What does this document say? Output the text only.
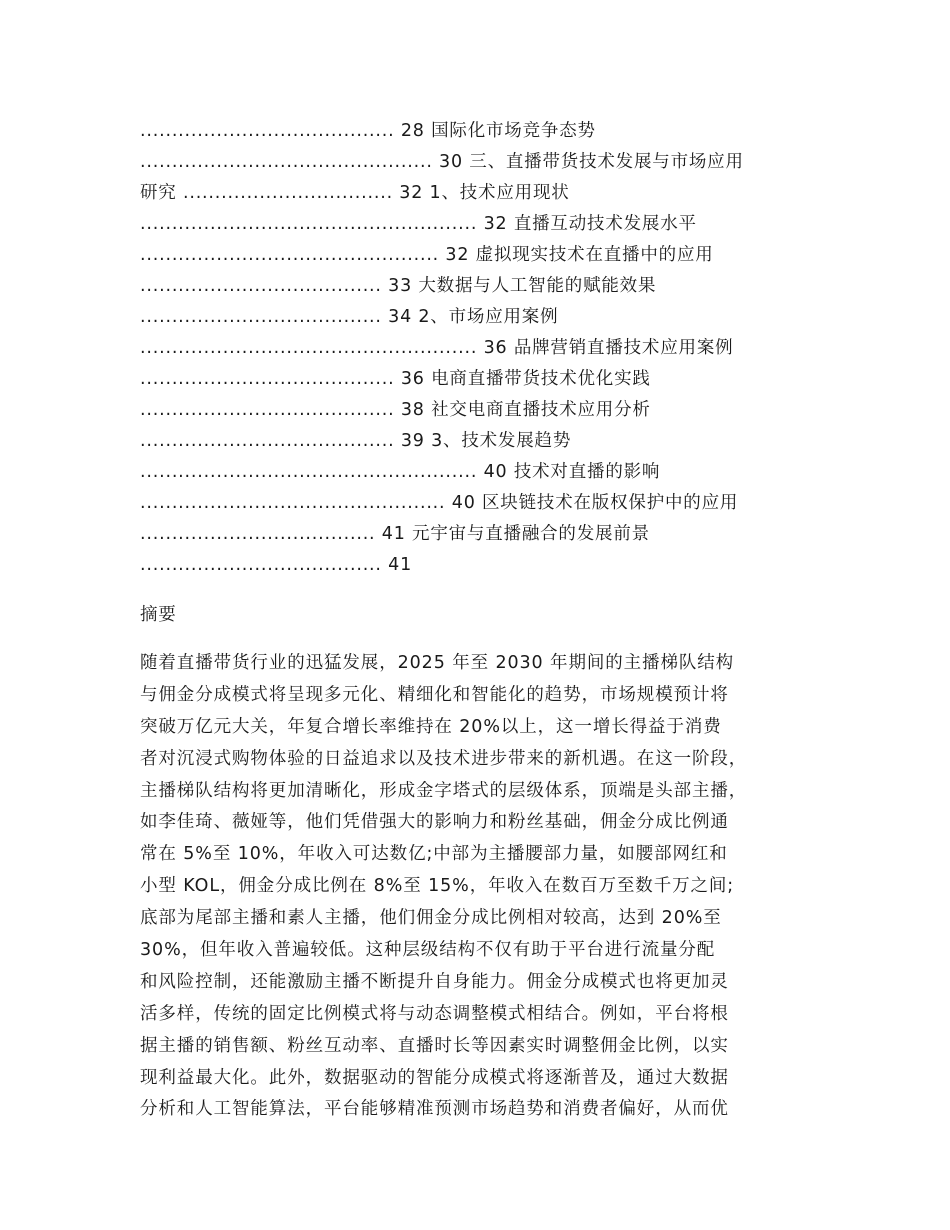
........................................ 28 国际化市场竞争态势
.............................................. 30 三、直播带货技术发展与市场应用
研究 ................................. 32 1、技术应用现状
..................................................... 32 直播互动技术发展水平
............................................... 32 虚拟现实技术在直播中的应用
...................................... 33 大数据与人工智能的赋能效果
...................................... 34 2、市场应用案例
..................................................... 36 品牌营销直播技术应用案例
........................................ 36 电商直播带货技术优化实践
........................................ 38 社交电商直播技术应用分析
........................................ 39 3、技术发展趋势
..................................................... 40 技术对直播的影响
................................................ 40 区块链技术在版权保护中的应用
..................................... 41 元宇宙与直播融合的发展前景
...................................... 41
摘要
随着直播带货行业的迅猛发展，2025 年至 2030 年期间的主播梯队结构
与佣金分成模式将呈现多元化、精细化和智能化的趋势，市场规模预计将
突破万亿元大关，年复合增长率维持在 20%以上，这一增长得益于消费
者对沉浸式购物体验的日益追求以及技术进步带来的新机遇。在这一阶段，
主播梯队结构将更加清晰化，形成金字塔式的层级体系，顶端是头部主播，
如李佳琦、薇娅等，他们凭借强大的影响力和粉丝基础，佣金分成比例通
常在 5%至 10%，年收入可达数亿;中部为主播腰部力量，如腰部网红和
小型 KOL，佣金分成比例在 8%至 15%，年收入在数百万至数千万之间;
底部为尾部主播和素人主播，他们佣金分成比例相对较高，达到 20%至
30%，但年收入普遍较低。这种层级结构不仅有助于平台进行流量分配
和风险控制，还能激励主播不断提升自身能力。佣金分成模式也将更加灵
活多样，传统的固定比例模式将与动态调整模式相结合。例如，平台将根
据主播的销售额、粉丝互动率、直播时长等因素实时调整佣金比例，以实
现利益最大化。此外，数据驱动的智能分成模式将逐渐普及，通过大数据
分析和人工智能算法，平台能够精准预测市场趋势和消费者偏好，从而优
